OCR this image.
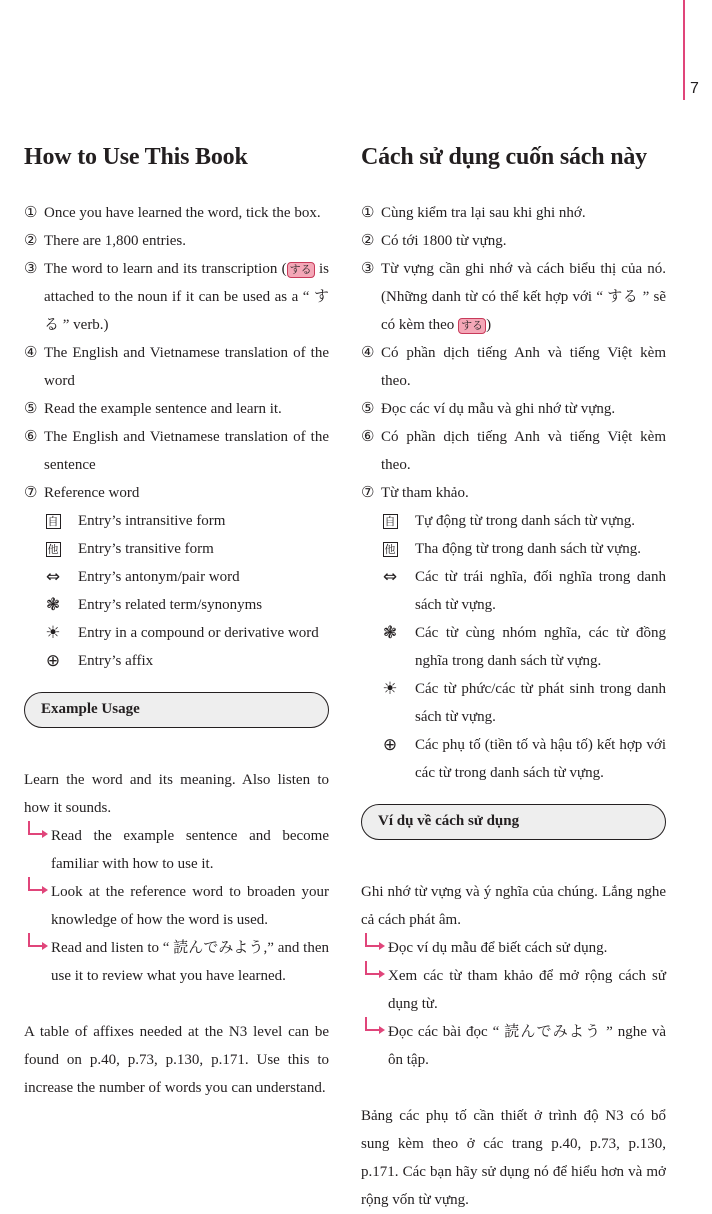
7
How to Use This Book
① Once you have learned the word, tick the box.
② There are 1,800 entries.
③ The word to learn and its transcription ( する is attached to the noun if it can be used as a “ する ” verb.)
④ The English and Vietnamese translation of the word
⑤ Read the example sentence and learn it.
⑥ The English and Vietnamese translation of the sentence
⑦ Reference word
自 Entry’s intransitive form
他 Entry’s transitive form
⇔ Entry’s antonym/pair word
❃ Entry’s related term/synonyms
☀ Entry in a compound or derivative word
⊕ Entry’s affix
Example Usage

Learn the word and its meaning. Also listen to how it sounds.

Read the example sentence and become familiar with how to use it.
Look at the reference word to broaden your knowledge of how the word is used.
Read and listen to “ 読んでみよう,” and then use it to review what you have learned.

A table of affixes needed at the N3 level can be found on p.40, p.73, p.130, p.171. Use this to increase the number of words you can understand.

Cách sử dụng cuốn sách này
① Cùng kiểm tra lại sau khi ghi nhớ.
② Có tới 1800 từ vựng.
③ Từ vựng cần ghi nhớ và cách biểu thị của nó. (Những danh từ có thể kết hợp với “ する ” sẽ có kèm theo する )
④ Có phần dịch tiếng Anh và tiếng Việt kèm theo.
⑤ Đọc các ví dụ mẫu và ghi nhớ từ vựng.
⑥ Có phần dịch tiếng Anh và tiếng Việt kèm theo.
⑦ Từ tham khảo.
自 Tự động từ trong danh sách từ vựng.
他 Tha động từ trong danh sách từ vựng.
⇔ Các từ trái nghĩa, đối nghĩa trong danh sách từ vựng.
❃ Các từ cùng nhóm nghĩa, các từ đồng nghĩa trong danh sách từ vựng.
☀ Các từ phức/các từ phát sinh trong danh sách từ vựng.
⊕ Các phụ tố (tiền tố và hậu tố) kết hợp với các từ trong danh sách từ vựng.
Ví dụ về cách sử dụng

Ghi nhớ từ vựng và ý nghĩa của chúng. Lắng nghe cả cách phát âm.

Đọc ví dụ mẫu để biết cách sử dụng.
Xem các từ tham khảo để mở rộng cách sử dụng từ.
Đọc các bài đọc “ 読んでみよう ” nghe và ôn tập.

Bảng các phụ tố cần thiết ở trình độ N3 có bổ sung kèm theo ở các trang p.40, p.73, p.130, p.171. Các bạn hãy sử dụng nó để hiểu hơn và mở rộng vốn từ vựng.
